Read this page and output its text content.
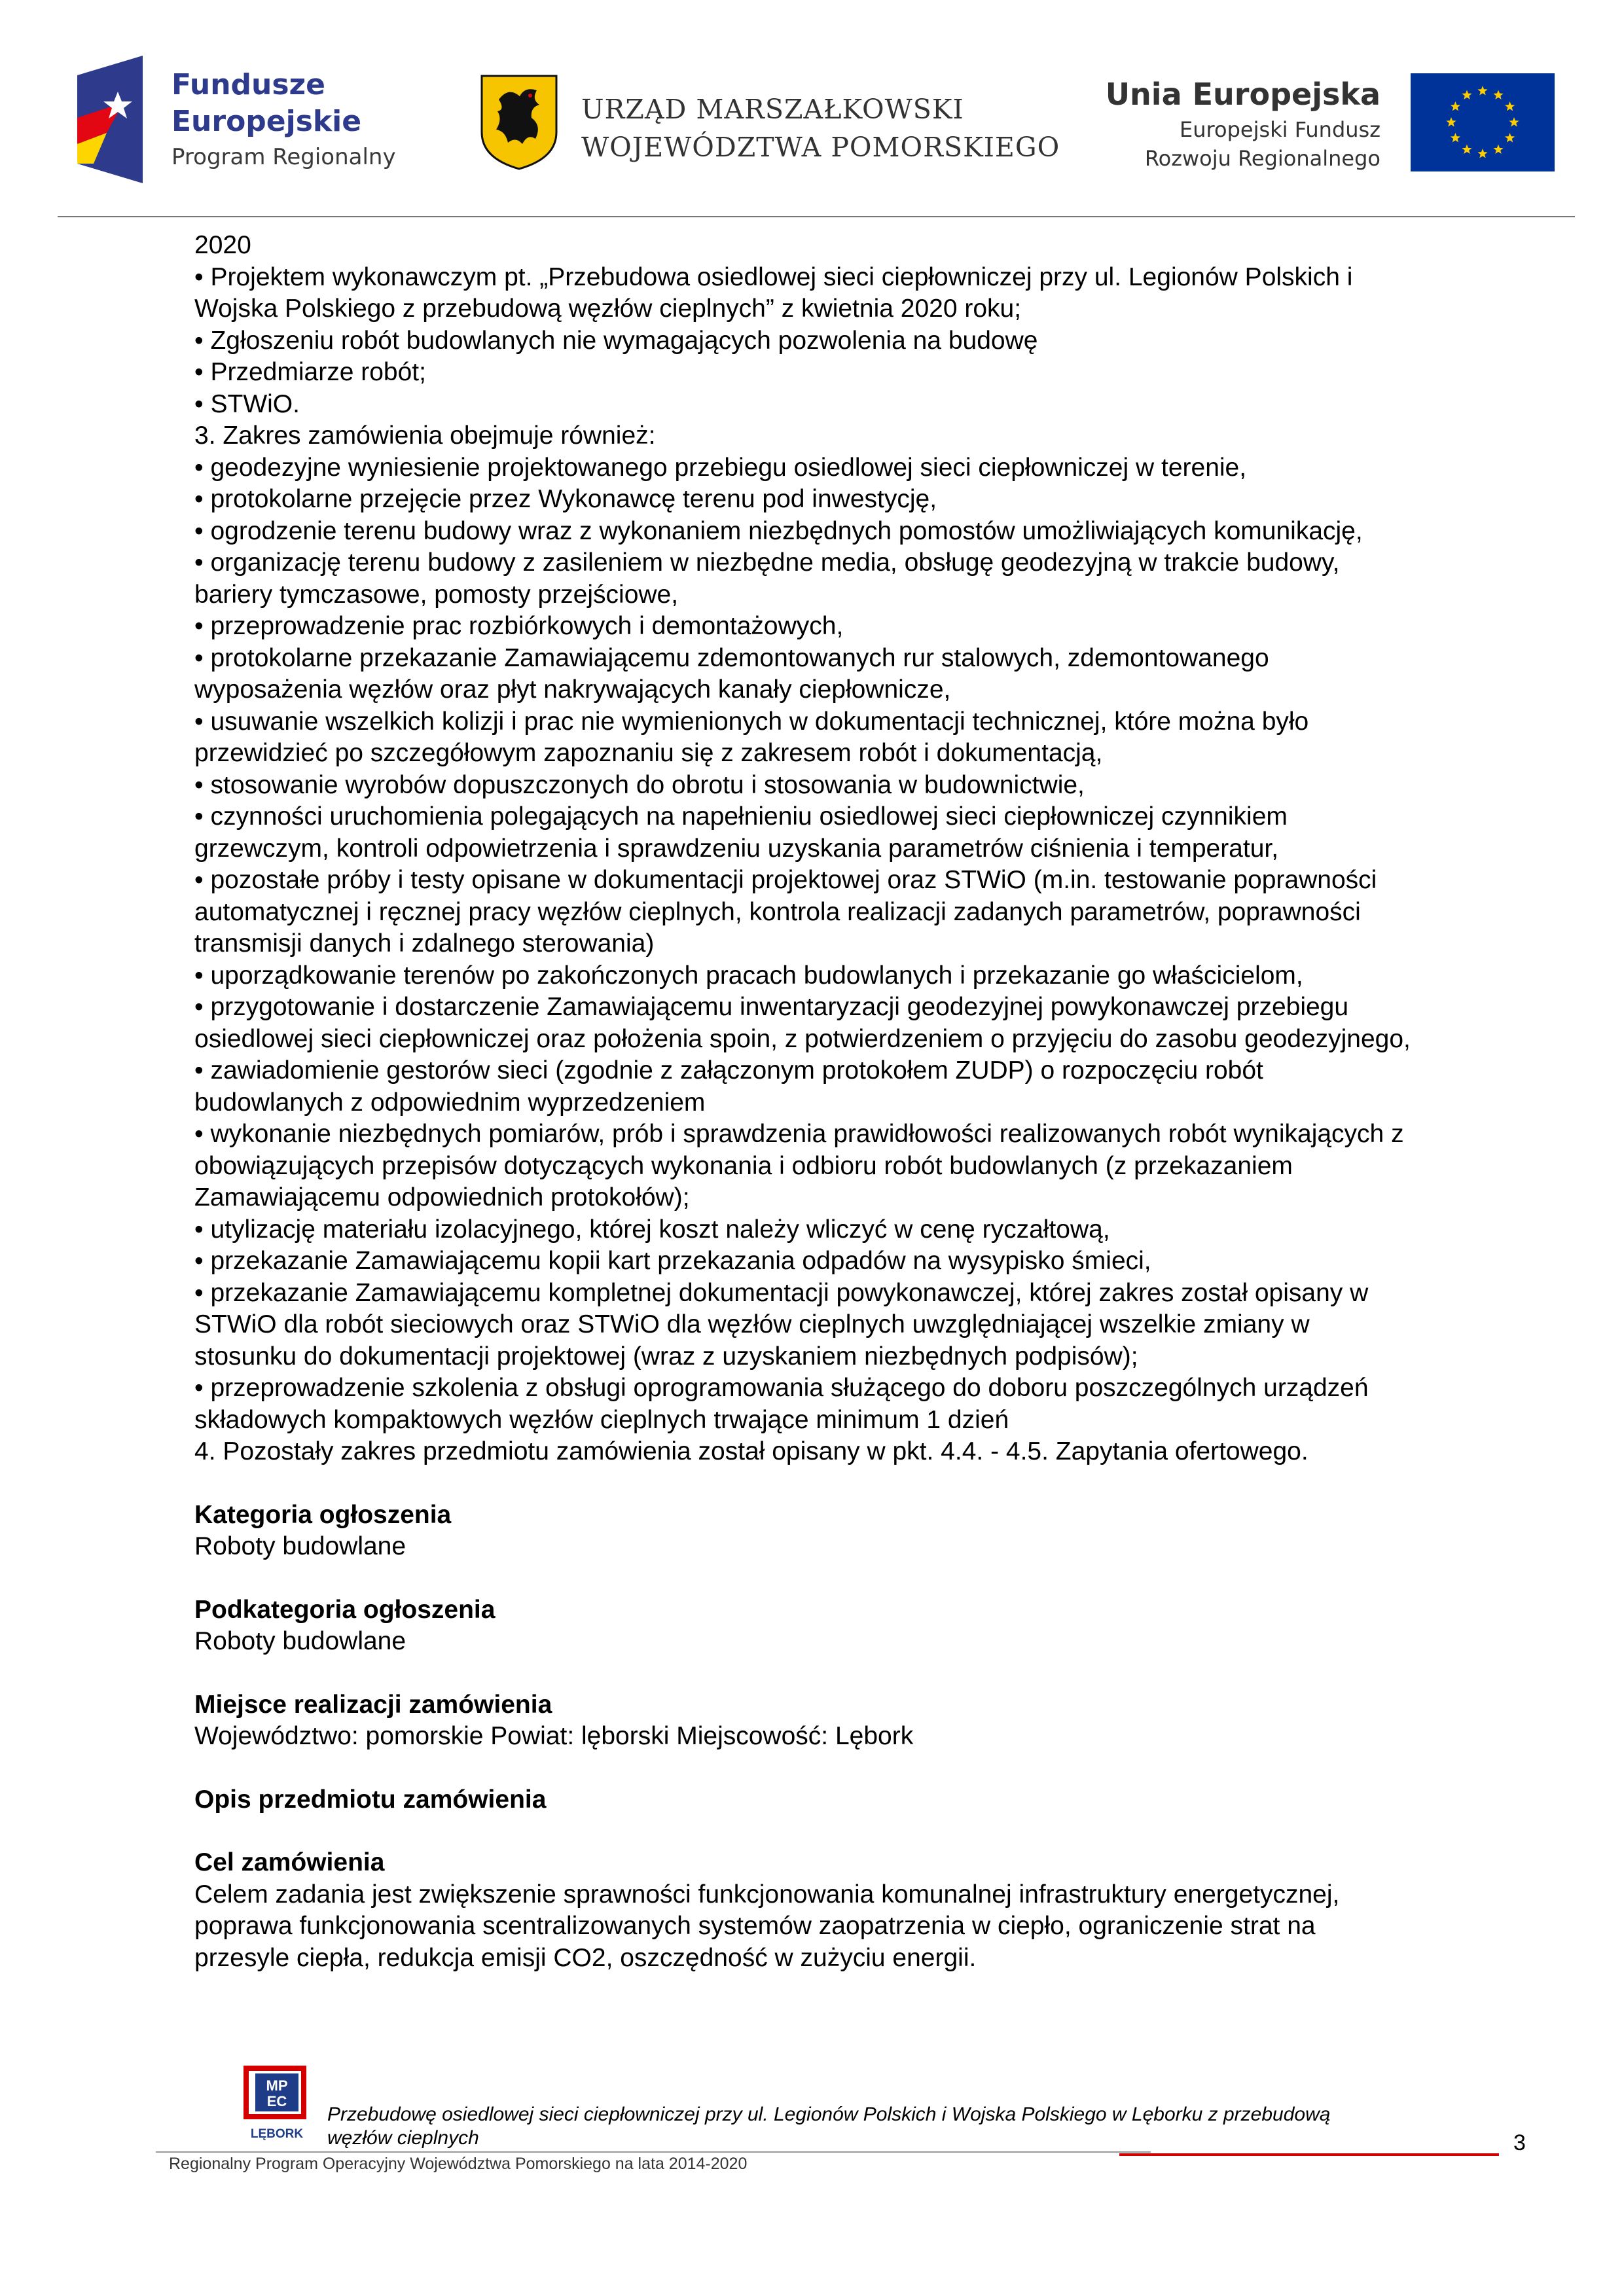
Fundusze
Europejskie
Program Regionalny
URZĄD MARSZAŁKOWSKI
WOJEWÓDZTWA POMORSKIEGO
Unia Europejska
Europejski Fundusz
Rozwoju Regionalnego

2020

• Projektem wykonawczym pt. „Przebudowa osiedlowej sieci ciepłowniczej przy ul. Legionów Polskich i

Wojska Polskiego z przebudową węzłów cieplnych” z kwietnia 2020 roku;

• Zgłoszeniu robót budowlanych nie wymagających pozwolenia na budowę

• Przedmiarze robót;

• STWiO.

3. Zakres zamówienia obejmuje również:

• geodezyjne wyniesienie projektowanego przebiegu osiedlowej sieci ciepłowniczej w terenie,

• protokolarne przejęcie przez Wykonawcę terenu pod inwestycję,

• ogrodzenie terenu budowy wraz z wykonaniem niezbędnych pomostów umożliwiających komunikację,

• organizację terenu budowy z zasileniem w niezbędne media, obsługę geodezyjną w trakcie budowy,

bariery tymczasowe, pomosty przejściowe,

• przeprowadzenie prac rozbiórkowych i demontażowych,

• protokolarne przekazanie Zamawiającemu zdemontowanych rur stalowych, zdemontowanego

wyposażenia węzłów oraz płyt nakrywających kanały ciepłownicze,

• usuwanie wszelkich kolizji i prac nie wymienionych w dokumentacji technicznej, które można było

przewidzieć po szczegółowym zapoznaniu się z zakresem robót i dokumentacją,

• stosowanie wyrobów dopuszczonych do obrotu i stosowania w budownictwie,

• czynności uruchomienia polegających na napełnieniu osiedlowej sieci ciepłowniczej czynnikiem

grzewczym, kontroli odpowietrzenia i sprawdzeniu uzyskania parametrów ciśnienia i temperatur,

• pozostałe próby i testy opisane w dokumentacji projektowej oraz STWiO (m.in. testowanie poprawności

automatycznej i ręcznej pracy węzłów cieplnych, kontrola realizacji zadanych parametrów, poprawności

transmisji danych i zdalnego sterowania)

• uporządkowanie terenów po zakończonych pracach budowlanych i przekazanie go właścicielom,

• przygotowanie i dostarczenie Zamawiającemu inwentaryzacji geodezyjnej powykonawczej przebiegu

osiedlowej sieci ciepłowniczej oraz położenia spoin, z potwierdzeniem o przyjęciu do zasobu geodezyjnego,

• zawiadomienie gestorów sieci (zgodnie z załączonym protokołem ZUDP) o rozpoczęciu robót

budowlanych z odpowiednim wyprzedzeniem

• wykonanie niezbędnych pomiarów, prób i sprawdzenia prawidłowości realizowanych robót wynikających z

obowiązujących przepisów dotyczących wykonania i odbioru robót budowlanych (z przekazaniem

Zamawiającemu odpowiednich protokołów);

• utylizację materiału izolacyjnego, której koszt należy wliczyć w cenę ryczałtową,

• przekazanie Zamawiającemu kopii kart przekazania odpadów na wysypisko śmieci,

• przekazanie Zamawiającemu kompletnej dokumentacji powykonawczej, której zakres został opisany w

STWiO dla robót sieciowych oraz STWiO dla węzłów cieplnych uwzględniającej wszelkie zmiany w

stosunku do dokumentacji projektowej (wraz z uzyskaniem niezbędnych podpisów);

• przeprowadzenie szkolenia z obsługi oprogramowania służącego do doboru poszczególnych urządzeń

składowych kompaktowych węzłów cieplnych trwające minimum 1 dzień

4. Pozostały zakres przedmiotu zamówienia został opisany w pkt. 4.4. - 4.5. Zapytania ofertowego.

Kategoria ogłoszenia

Roboty budowlane

Podkategoria ogłoszenia

Roboty budowlane

Miejsce realizacji zamówienia

Województwo: pomorskie Powiat: lęborski Miejscowość: Lębork

Opis przedmiotu zamówienia

Cel zamówienia

Celem zadania jest zwiększenie sprawności funkcjonowania komunalnej infrastruktury energetycznej,

poprawa funkcjonowania scentralizowanych systemów zaopatrzenia w ciepło, ograniczenie strat na

przesyle ciepła, redukcja emisji CO2, oszczędność w zużyciu energii.

MP
EC
LĘBORK
Przebudowę osiedlowej sieci ciepłowniczej przy ul. Legionów Polskich i Wojska Polskiego w Lęborku z przebudową
węzłów cieplnych
Regionalny Program Operacyjny Województwa Pomorskiego na lata 2014-2020
3
